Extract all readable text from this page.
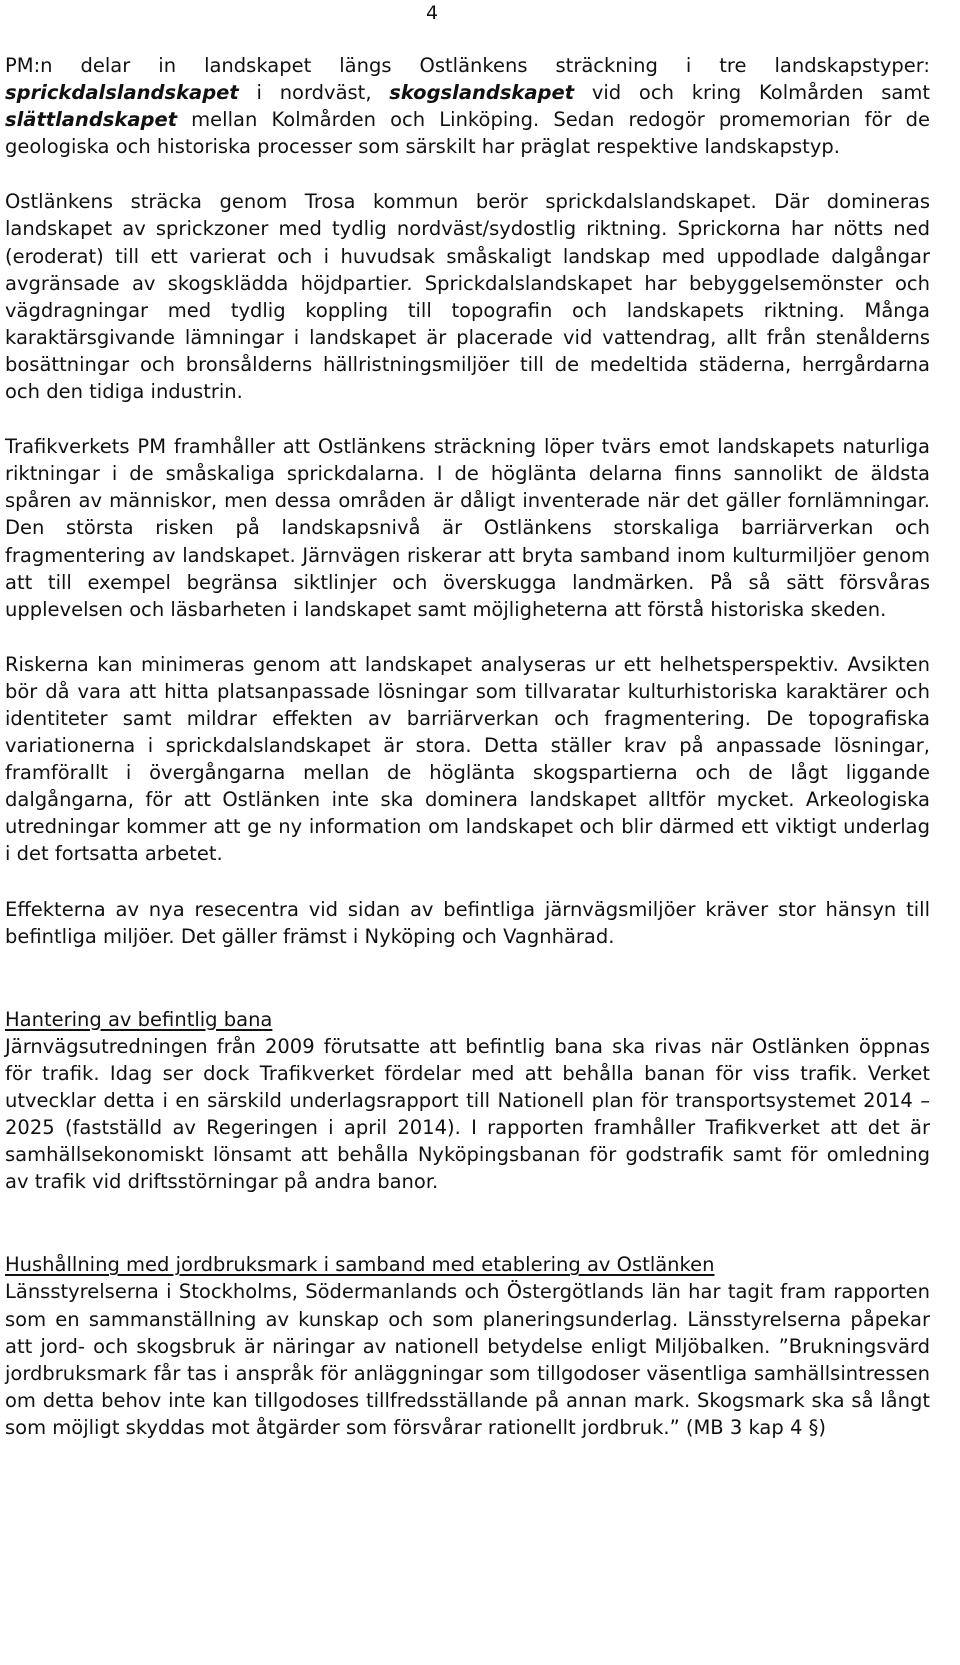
4

PM:n delar in landskapet längs Ostlänkens sträckning i tre landskapstyper: sprickdalslandskapet i nordväst, skogslandskapet vid och kring Kolmården samt slättlandskapet mellan Kolmården och Linköping. Sedan redogör promemorian för de geologiska och historiska processer som särskilt har präglat respektive landskapstyp.

Ostlänkens sträcka genom Trosa kommun berör sprickdalslandskapet. Där domineras landskapet av sprickzoner med tydlig nordväst/sydostlig riktning. Sprickorna har nötts ned (eroderat) till ett varierat och i huvudsak småskaligt landskap med uppodlade dalgångar avgränsade av skogsklädda höjdpartier. Sprickdalslandskapet har bebyggelsemönster och vägdragningar med tydlig koppling till topografin och landskapets riktning. Många karaktärsgivande lämningar i landskapet är placerade vid vattendrag, allt från stenålderns bosättningar och bronsålderns hällristningsmiljöer till de medeltida städerna, herrgårdarna och den tidiga industrin.

Trafikverkets PM framhåller att Ostlänkens sträckning löper tvärs emot landskapets naturliga riktningar i de småskaliga sprickdalarna. I de höglänta delarna finns sannolikt de äldsta spåren av människor, men dessa områden är dåligt inventerade när det gäller fornlämningar. Den största risken på landskapsnivå är Ostlänkens storskaliga barriärverkan och fragmentering av landskapet. Järnvägen riskerar att bryta samband inom kulturmiljöer genom att till exempel begränsa siktlinjer och överskugga landmärken. På så sätt försvåras upplevelsen och läsbarheten i landskapet samt möjligheterna att förstå historiska skeden.

Riskerna kan minimeras genom att landskapet analyseras ur ett helhetsperspektiv. Avsikten bör då vara att hitta platsanpassade lösningar som tillvaratar kulturhistoriska karaktärer och identiteter samt mildrar effekten av barriärverkan och fragmentering. De topografiska variationerna i sprickdalslandskapet är stora. Detta ställer krav på anpassade lösningar, framförallt i övergångarna mellan de höglänta skogspartierna och de lågt liggande dalgångarna, för att Ostlänken inte ska dominera landskapet alltför mycket. Arkeologiska utredningar kommer att ge ny information om landskapet och blir därmed ett viktigt underlag i det fortsatta arbetet.

Effekterna av nya resecentra vid sidan av befintliga järnvägsmiljöer kräver stor hänsyn till befintliga miljöer. Det gäller främst i Nyköping och Vagnhärad.

Hantering av befintlig bana

Järnvägsutredningen från 2009 förutsatte att befintlig bana ska rivas när Ostlänken öppnas för trafik. Idag ser dock Trafikverket fördelar med att behålla banan för viss trafik. Verket utvecklar detta i en särskild underlagsrapport till Nationell plan för transportsystemet 2014 – 2025 (fastställd av Regeringen i april 2014). I rapporten framhåller Trafikverket att det är samhällsekonomiskt lönsamt att behålla Nyköpingsbanan för godstrafik samt för omledning av trafik vid driftsstörningar på andra banor.

Hushållning med jordbruksmark i samband med etablering av Ostlänken

Länsstyrelserna i Stockholms, Södermanlands och Östergötlands län har tagit fram rapporten som en sammanställning av kunskap och som planeringsunderlag. Länsstyrelserna påpekar att jord- och skogsbruk är näringar av nationell betydelse enligt Miljöbalken. ”Brukningsvärd jordbruksmark får tas i anspråk för anläggningar som tillgodoser väsentliga samhällsintressen om detta behov inte kan tillgodoses tillfredsställande på annan mark. Skogsmark ska så långt som möjligt skyddas mot åtgärder som försvårar rationellt jordbruk.” (MB 3 kap 4 §)
